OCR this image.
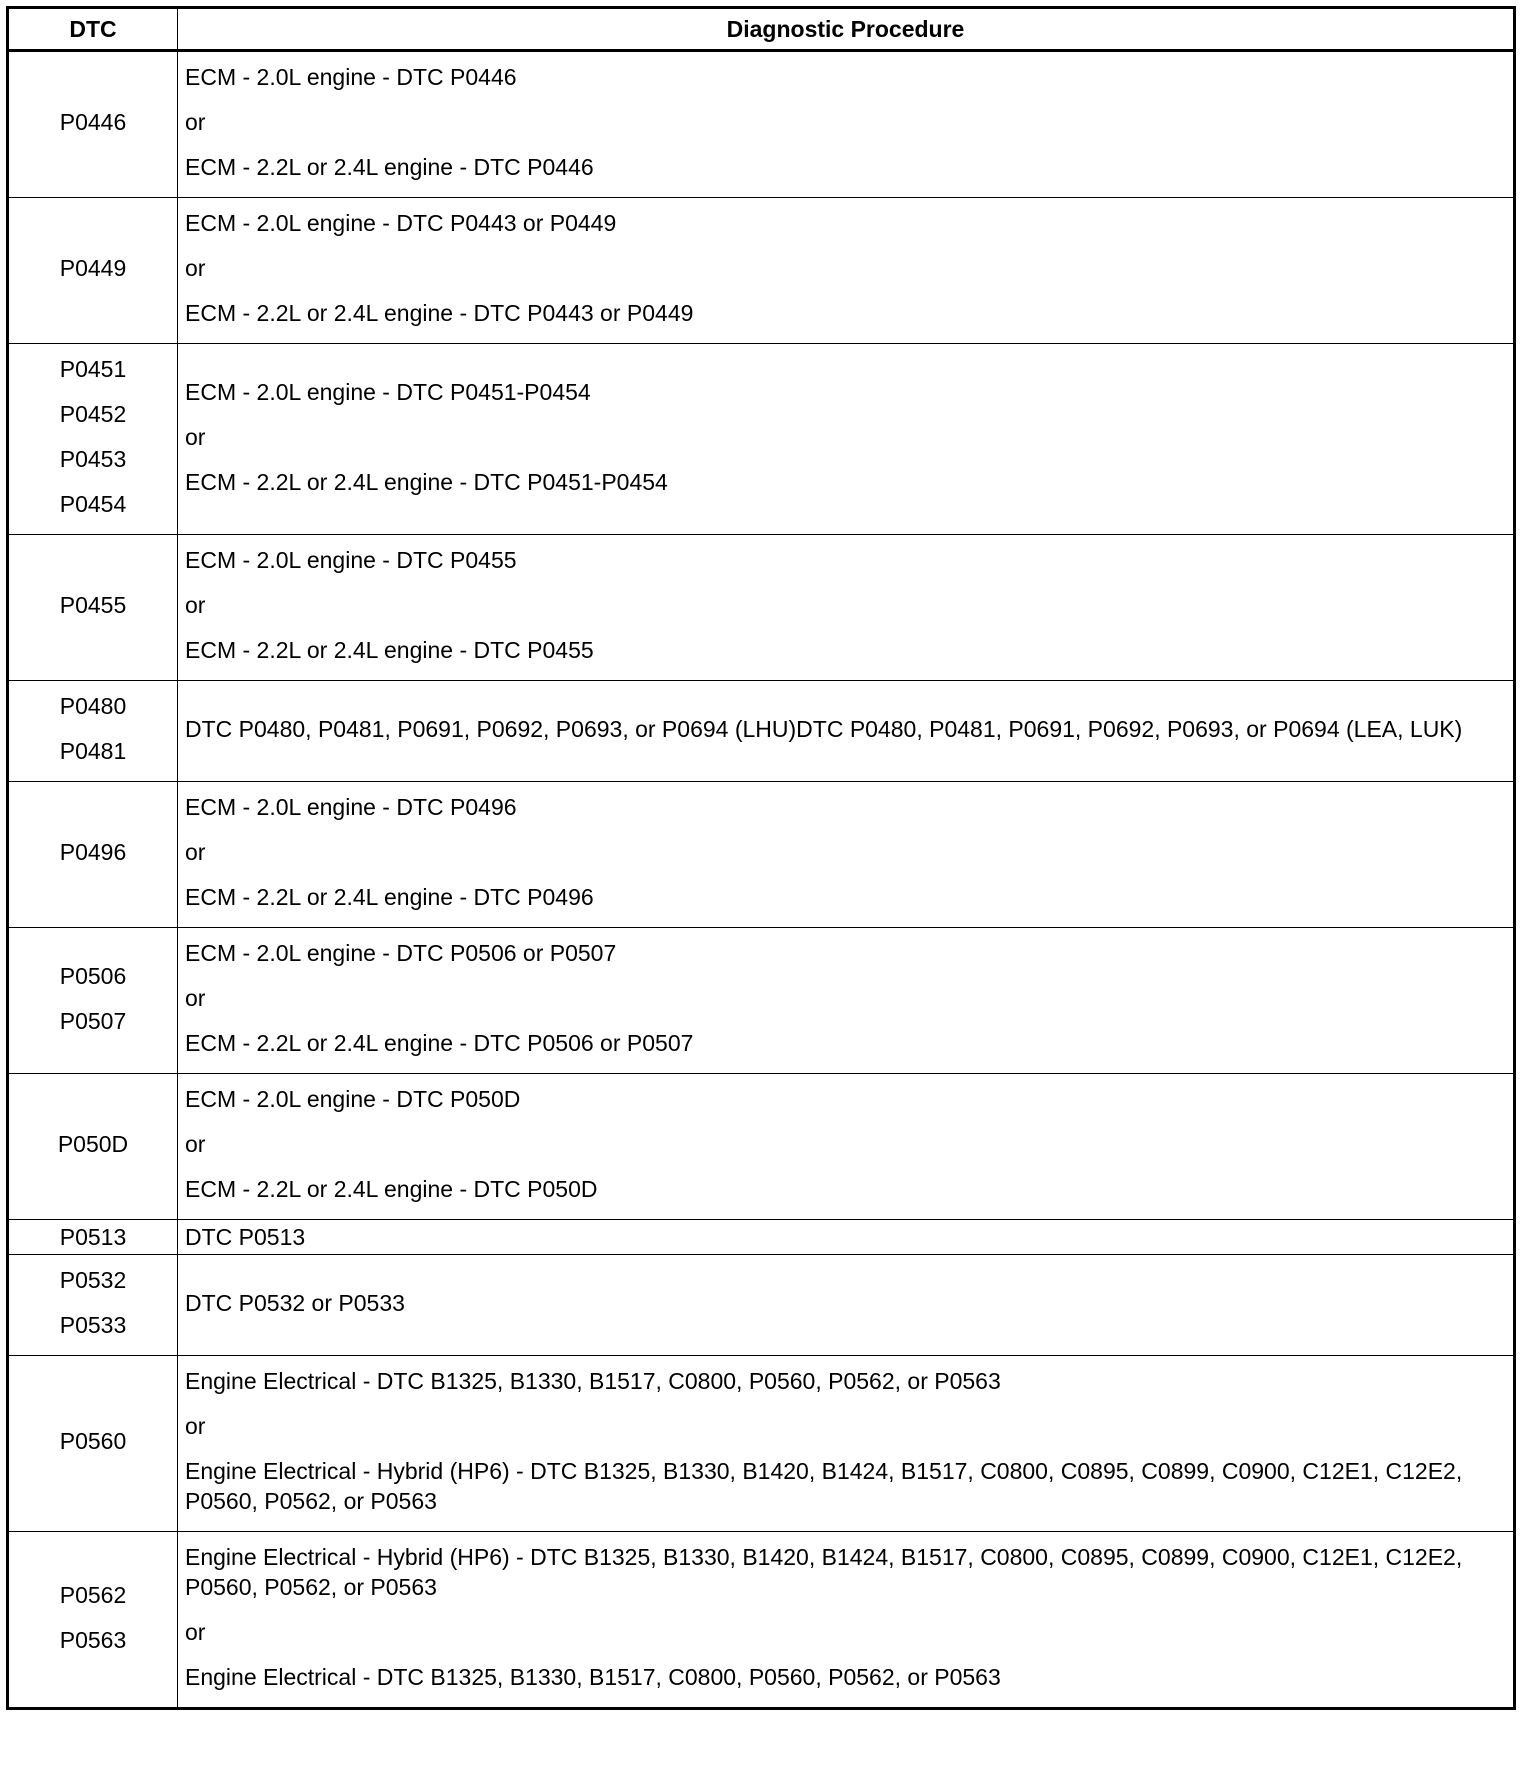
DTC	Diagnostic Procedure

P0446	ECM - 2.0L engine - DTC P0446
or
ECM - 2.2L or 2.4L engine - DTC P0446

P0449	ECM - 2.0L engine - DTC P0443 or P0449
or
ECM - 2.2L or 2.4L engine - DTC P0443 or P0449

P0451
P0452
P0453
P0454	ECM - 2.0L engine - DTC P0451-P0454
or
ECM - 2.2L or 2.4L engine - DTC P0451-P0454

P0455	ECM - 2.0L engine - DTC P0455
or
ECM - 2.2L or 2.4L engine - DTC P0455

P0480
P0481	DTC P0480, P0481, P0691, P0692, P0693, or P0694 (LHU)DTC P0480, P0481, P0691, P0692, P0693, or P0694 (LEA, LUK)

P0496	ECM - 2.0L engine - DTC P0496
or
ECM - 2.2L or 2.4L engine - DTC P0496

P0506
P0507	ECM - 2.0L engine - DTC P0506 or P0507
or
ECM - 2.2L or 2.4L engine - DTC P0506 or P0507

P050D	ECM - 2.0L engine - DTC P050D
or
ECM - 2.2L or 2.4L engine - DTC P050D

P0513	DTC P0513

P0532
P0533	DTC P0532 or P0533

P0560	Engine Electrical - DTC B1325, B1330, B1517, C0800, P0560, P0562, or P0563
or
Engine Electrical - Hybrid (HP6) - DTC B1325, B1330, B1420, B1424, B1517, C0800, C0895, C0899, C0900, C12E1, C12E2, P0560, P0562, or P0563

P0562
P0563	Engine Electrical - Hybrid (HP6) - DTC B1325, B1330, B1420, B1424, B1517, C0800, C0895, C0899, C0900, C12E1, C12E2, P0560, P0562, or P0563
or
Engine Electrical - DTC B1325, B1330, B1517, C0800, P0560, P0562, or P0563
